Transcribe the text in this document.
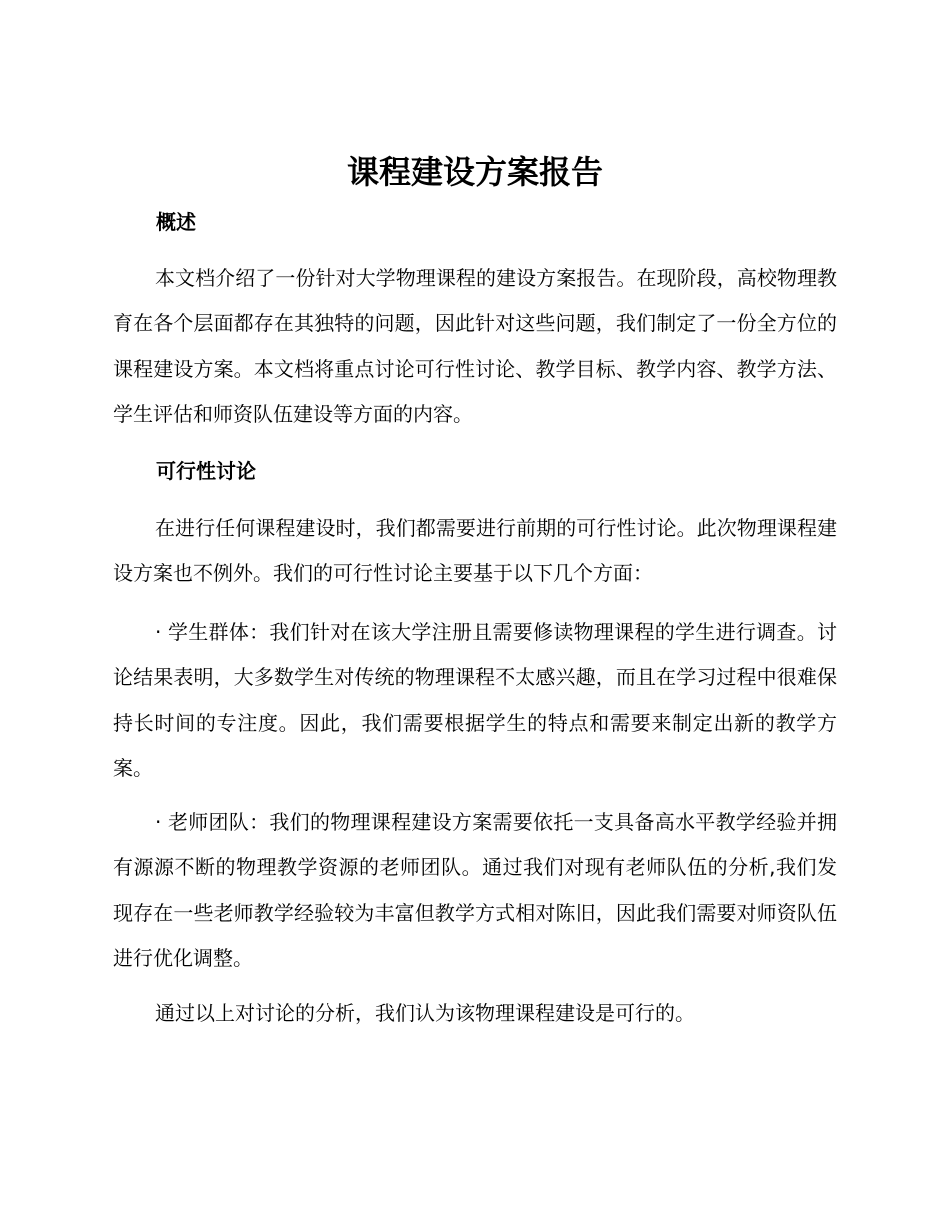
课程建设方案报告
概述

本文档介绍了一份针对大学物理课程的建设方案报告。在现阶段，高校物理教育在各个层面都存在其独特的问题，因此针对这些问题，我们制定了一份全方位的课程建设方案。本文档将重点讨论可行性讨论、教学目标、教学内容、教学方法、学生评估和师资队伍建设等方面的内容。

可行性讨论

在进行任何课程建设时，我们都需要进行前期的可行性讨论。此次物理课程建设方案也不例外。我们的可行性讨论主要基于以下几个方面：

· 学生群体：我们针对在该大学注册且需要修读物理课程的学生进行调查。讨论结果表明，大多数学生对传统的物理课程不太感兴趣，而且在学习过程中很难保持长时间的专注度。因此，我们需要根据学生的特点和需要来制定出新的教学方案。

· 老师团队：我们的物理课程建设方案需要依托一支具备高水平教学经验并拥有源源不断的物理教学资源的老师团队。通过我们对现有老师队伍的分析,我们发现存在一些老师教学经验较为丰富但教学方式相对陈旧，因此我们需要对师资队伍进行优化调整。

通过以上对讨论的分析，我们认为该物理课程建设是可行的。
